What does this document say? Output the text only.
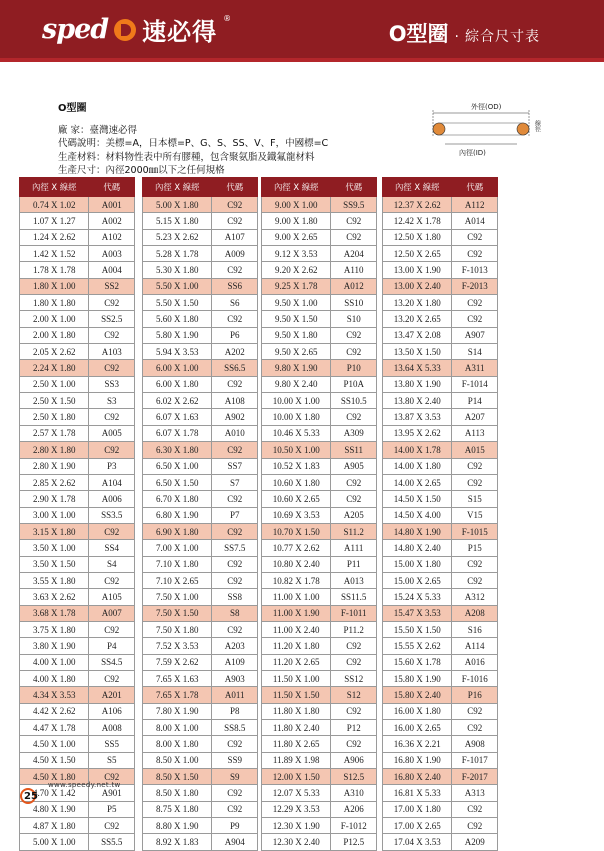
sped 速必得 ®
O型圈 · 綜合尺寸表
O型圈
廠 家：臺灣速必得
代碼說明：美標=A，日本標=P、G、S、SS、V、F，中國標=C
生產材料：材料物性表中所有膠種，包含聚氨脂及鐵氟龍材料
生產尺寸：內徑2000㎜以下之任何規格
外徑(OD)
內徑(ID)
線徑
內徑 X 線經	代碼
0.74 X 1.02	A001
1.07 X 1.27	A002
1.24 X 2.62	A102
1.42 X 1.52	A003
1.78 X 1.78	A004
1.80 X 1.00	SS2
1.80 X 1.80	C92
2.00 X 1.00	SS2.5
2.00 X 1.80	C92
2.05 X 2.62	A103
2.24 X 1.80	C92
2.50 X 1.00	SS3
2.50 X 1.50	S3
2.50 X 1.80	C92
2.57 X 1.78	A005
2.80 X 1.80	C92
2.80 X 1.90	P3
2.85 X 2.62	A104
2.90 X 1.78	A006
3.00 X 1.00	SS3.5
3.15 X 1.80	C92
3.50 X 1.00	SS4
3.50 X 1.50	S4
3.55 X 1.80	C92
3.63 X 2.62	A105
3.68 X 1.78	A007
3.75 X 1.80	C92
3.80 X 1.90	P4
4.00 X 1.00	SS4.5
4.00 X 1.80	C92
4.34 X 3.53	A201
4.42 X 2.62	A106
4.47 X 1.78	A008
4.50 X 1.00	SS5
4.50 X 1.50	S5
4.50 X 1.80	C92
4.70 X 1.42	A901
4.80 X 1.90	P5
4.87 X 1.80	C92
5.00 X 1.00	SS5.5
內徑 X 線經	代碼
5.00 X 1.80	C92
5.15 X 1.80	C92
5.23 X 2.62	A107
5.28 X 1.78	A009
5.30 X 1.80	C92
5.50 X 1.00	SS6
5.50 X 1.50	S6
5.60 X 1.80	C92
5.80 X 1.90	P6
5.94 X 3.53	A202
6.00 X 1.00	SS6.5
6.00 X 1.80	C92
6.02 X 2.62	A108
6.07 X 1.63	A902
6.07 X 1.78	A010
6.30 X 1.80	C92
6.50 X 1.00	SS7
6.50 X 1.50	S7
6.70 X 1.80	C92
6.80 X 1.90	P7
6.90 X 1.80	C92
7.00 X 1.00	SS7.5
7.10 X 1.80	C92
7.10 X 2.65	C92
7.50 X 1.00	SS8
7.50 X 1.50	S8
7.50 X 1.80	C92
7.52 X 3.53	A203
7.59 X 2.62	A109
7.65 X 1.63	A903
7.65 X 1.78	A011
7.80 X 1.90	P8
8.00 X 1.00	SS8.5
8.00 X 1.80	C92
8.50 X 1.00	SS9
8.50 X 1.50	S9
8.50 X 1.80	C92
8.75 X 1.80	C92
8.80 X 1.90	P9
8.92 X 1.83	A904
內徑 X 線經	代碼
9.00 X 1.00	SS9.5
9.00 X 1.80	C92
9.00 X 2.65	C92
9.12 X 3.53	A204
9.20 X 2.62	A110
9.25 X 1.78	A012
9.50 X 1.00	SS10
9.50 X 1.50	S10
9.50 X 1.80	C92
9.50 X 2.65	C92
9.80 X 1.90	P10
9.80 X 2.40	P10A
10.00 X 1.00	SS10.5
10.00 X 1.80	C92
10.46 X 5.33	A309
10.50 X 1.00	SS11
10.52 X 1.83	A905
10.60 X 1.80	C92
10.60 X 2.65	C92
10.69 X 3.53	A205
10.70 X 1.50	S11.2
10.77 X 2.62	A111
10.80 X 2.40	P11
10.82 X 1.78	A013
11.00 X 1.00	SS11.5
11.00 X 1.90	F-1011
11.00 X 2.40	P11.2
11.20 X 1.80	C92
11.20 X 2.65	C92
11.50 X 1.00	SS12
11.50 X 1.50	S12
11.80 X 1.80	C92
11.80 X 2.40	P12
11.80 X 2.65	C92
11.89 X 1.98	A906
12.00 X 1.50	S12.5
12.07 X 5.33	A310
12.29 X 3.53	A206
12.30 X 1.90	F-1012
12.30 X 2.40	P12.5
內徑 X 線經	代碼
12.37 X 2.62	A112
12.42 X 1.78	A014
12.50 X 1.80	C92
12.50 X 2.65	C92
13.00 X 1.90	F-1013
13.00 X 2.40	F-2013
13.20 X 1.80	C92
13.20 X 2.65	C92
13.47 X 2.08	A907
13.50 X 1.50	S14
13.64 X 5.33	A311
13.80 X 1.90	F-1014
13.80 X 2.40	P14
13.87 X 3.53	A207
13.95 X 2.62	A113
14.00 X 1.78	A015
14.00 X 1.80	C92
14.00 X 2.65	C92
14.50 X 1.50	S15
14.50 X 4.00	V15
14.80 X 1.90	F-1015
14.80 X 2.40	P15
15.00 X 1.80	C92
15.00 X 2.65	C92
15.24 X 5.33	A312
15.47 X 3.53	A208
15.50 X 1.50	S16
15.55 X 2.62	A114
15.60 X 1.78	A016
15.80 X 1.90	F-1016
15.80 X 2.40	P16
16.00 X 1.80	C92
16.00 X 2.65	C92
16.36 X 2.21	A908
16.80 X 1.90	F-1017
16.80 X 2.40	F-2017
16.81 X 5.33	A313
17.00 X 1.80	C92
17.00 X 2.65	C92
17.04 X 3.53	A209
25
www.speedy.net.tw
